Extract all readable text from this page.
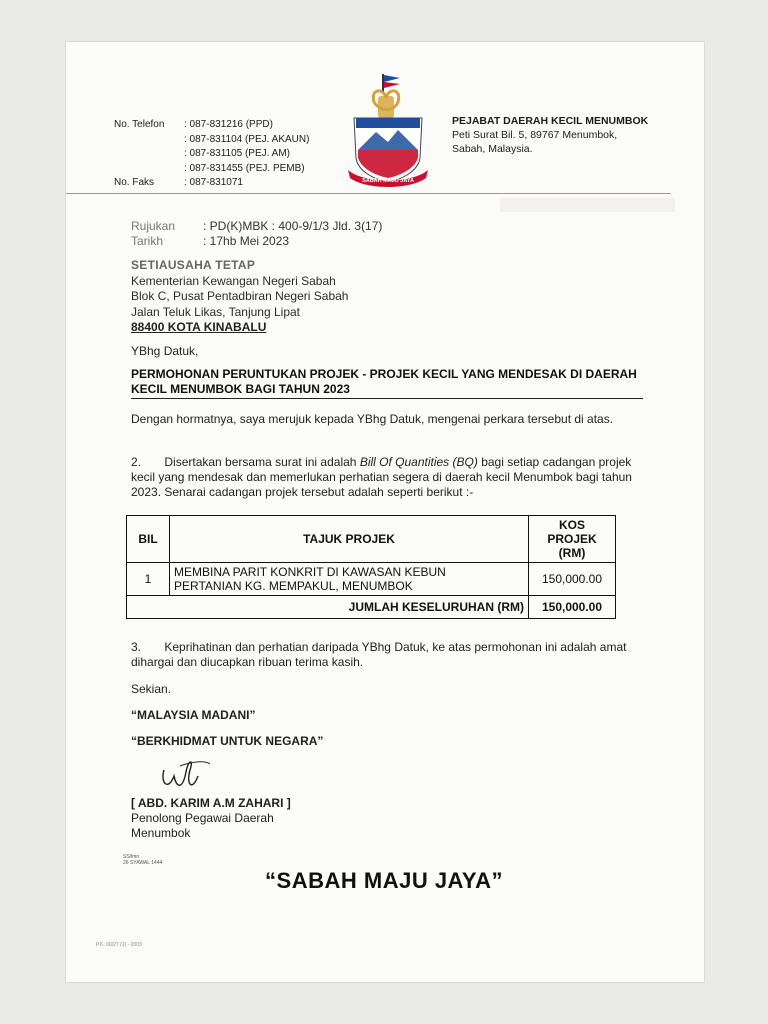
No. Telefon	: 087-831216 (PPD)
: 087-831104 (PEJ. AKAUN)
: 087-831105 (PEJ. AM)
: 087-831455 (PEJ. PEMB)
No. Faks	: 087-831071	SABAH MAJU JAYA
PEJABAT DAERAH KECIL MENUMBOK
Peti Surat Bil. 5, 89767 Menumbok,
Sabah, Malaysia.
Rujukan	: PD(K)MBK : 400-9/1/3 Jld. 3(17)
Tarikh	: 17hb Mei 2023
SETIAUSAHA TETAP
Kementerian Kewangan Negeri Sabah
Blok C, Pusat Pentadbiran Negeri Sabah
Jalan Teluk Likas, Tanjung Lipat
88400 KOTA KINABALU
YBhg Datuk,
PERMOHONAN PERUNTUKAN PROJEK - PROJEK KECIL YANG MENDESAK DI DAERAH KECIL MENUMBOK BAGI TAHUN 2023
Dengan hormatnya, saya merujuk kepada YBhg Datuk, mengenai perkara tersebut di atas.
2. Disertakan bersama surat ini adalah Bill Of Quantities (BQ) bagi setiap cadangan projek kecil yang mendesak dan memerlukan perhatian segera di daerah kecil Menumbok bagi tahun 2023. Senarai cadangan projek tersebut adalah seperti berikut :-
BIL	TAJUK PROJEK	KOS
PROJEK
(RM)
1	MEMBINA PARIT KONKRIT DI KAWASAN KEBUN
PERTANIAN KG. MEMPAKUL, MENUMBOK	150,000.00
JUMLAH KESELURUHAN (RM)		150,000.00
3. Keprihatinan dan perhatian daripada YBhg Datuk, ke atas permohonan ini adalah amat dihargai dan diucapkan ribuan terima kasih.
Sekian.
“MALAYSIA MADANI”
“BERKHIDMAT UNTUK NEGARA”
[ ABD. KARIM A.M ZAHARI ]
Penolong Pegawai Daerah
Menumbok
SS/lmn
26 SYAWAL 1444
“SABAH MAJU JAYA”
P.K. 00/27 (1) - 2003
